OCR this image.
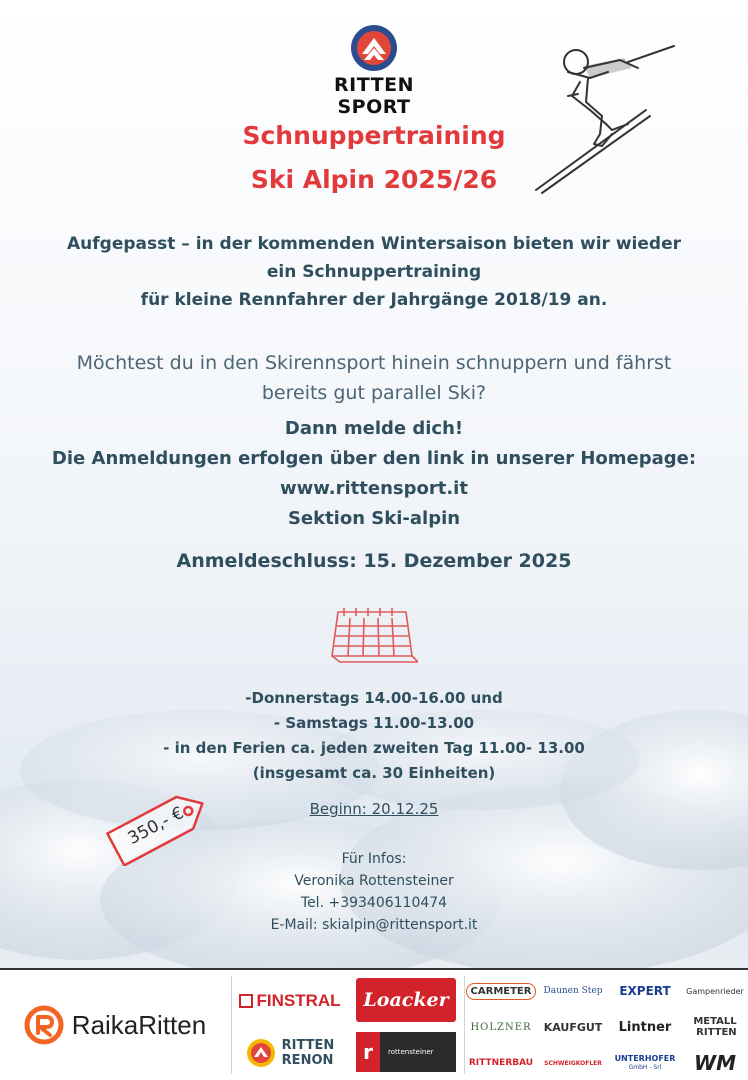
RITTEN SPORT
Schnuppertraining
Ski Alpin 2025/26
Aufgepasst – in der kommenden Wintersaison bieten wir wieder
ein Schnuppertraining
für kleine Rennfahrer der Jahrgänge 2018/19 an.
Möchtest du in den Skirennsport hinein schnuppern und fährst
bereits gut parallel Ski?
Dann melde dich!
Die Anmeldungen erfolgen über den link in unserer Homepage:
www.rittensport.it
Sektion Ski-alpin
Anmeldeschluss: 15. Dezember 2025
-Donnerstags 14.00-16.00 und
- Samstags 11.00-13.00
- in den Ferien ca. jeden zweiten Tag 11.00- 13.00
(insgesamt ca. 30 Einheiten)
Beginn: 20.12.25
350,- €
Für Infos:
Veronika Rottensteiner
Tel. +393406110474
E-Mail: skialpin@rittensport.it
RaikaRitten
FINSTRAL Loacker
RITTEN
RENON	r	rottensteiner
CARMETER	Daunen Step EXPERT Gampenrieder
HOLZNER KAUFGUT Lintner METALL
RITTEN
RITTNERBAU SCHWEIGKOFLER UNTERHOFER
GmbH - Srl	WM
